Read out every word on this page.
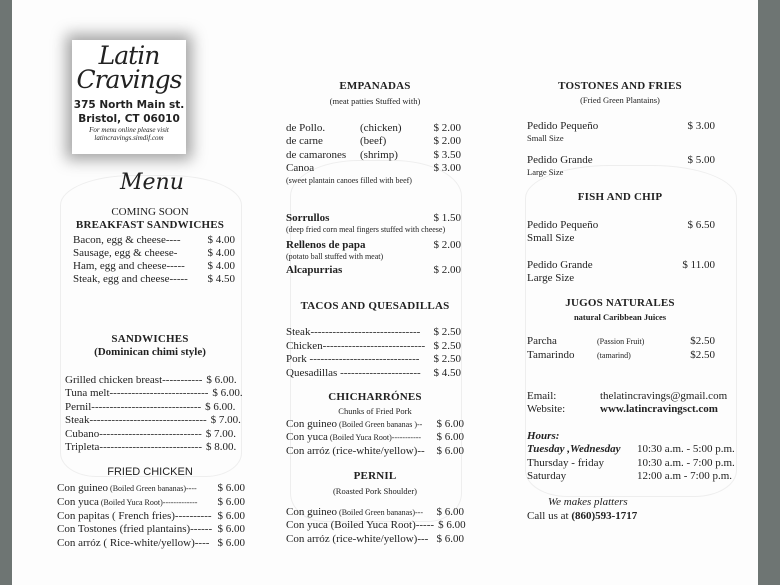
Latin
Cravings
375 North Main st.
Bristol, CT 06010
For menu online please visit
latincravings.simdif.com
Menu
COMING SOON
BREAKFAST SANDWICHES
SANDWICHES
(Dominican chimi style)
FRIED CHICKEN
EMPANADAS
(meat patties Stuffed with)
(sweet plantain canoes filled with beef)
TACOS AND QUESADILLAS
CHICHARRÓNES
Chunks of Fried Pork
PERNIL
(Roasted Pork Shoulder)
TOSTONES AND FRIES
(Fried Green Plantains)
FISH AND CHIP
JUGOS NATURALES
natural Caribbean Juices
Email:	thelatincravings@gmail.com
Website:	www.latincravingsct.com
Hours:
We makes platters
Call us at (860)593-1717
Bacon, egg & cheese----	$ 4.00
Sausage, egg & cheese-	$ 4.00
Ham, egg and cheese-----	$ 4.00
Steak, egg and cheese-----	$ 4.50
Grilled chicken breast----------- $ 6.00.
Tuna melt--------------------------- $ 6.00.
Pernil------------------------------ $ 6.00.
Steak-------------------------------- $ 7.00.
Cubano---------------------------- $ 7.00.
Tripleta---------------------------- $ 8.00.
Con guineo (Boiled Green bananas)----	$ 6.00
Con yuca (Boiled Yuca Root)-------------	$ 6.00
Con papitas ( French fries)---------- $ 6.00
Con Tostones (fried plantains)------ $ 6.00
Con arróz ( Rice-white/yellow)---- $ 6.00
de Pollo.	(chicken)	$ 2.00
de carne	(beef)	$ 2.00
de camarones (shrimp)	$ 3.50
Canoa	$ 3.00
Sorrullos	$ 1.50
(deep fried corn meal fingers stuffed with cheese)
Rellenos de papa	$ 2.00
(potato ball stuffed with meat)
Alcapurrias	$ 2.00
Steak------------------------------	$ 2.50
Chicken---------------------------- $ 2.50
Pork ------------------------------	$ 2.50
Quesadillas ----------------------	$ 4.50
Con guineo (Boiled Green bananas )--	$ 6.00
Con yuca (Boiled Yuca Root)-----------	$ 6.00
Con arróz (rice-white/yellow)--	$ 6.00
Con guineo (Boiled Green bananas)---	$ 6.00
Con yuca (Boiled Yuca Root)----- $ 6.00
Con arróz (rice-white/yellow)--- $ 6.00
Pedido Pequeño	$ 3.00
Small Size
Pedido Grande	$ 5.00
Large Size
Pedido Pequeño	$ 6.50
Small Size
Pedido Grande	$ 11.00
Large Size
Parcha	(Passion Fruit)	$2.50
Tamarindo	(tamarind)	$2.50
Tuesday ,Wednesday	10:30 a.m. - 5:00 p.m.
Thursday - friday	10:30 a.m. - 7:00 p.m.
Saturday	12:00 a.m - 7:00 p.m.
